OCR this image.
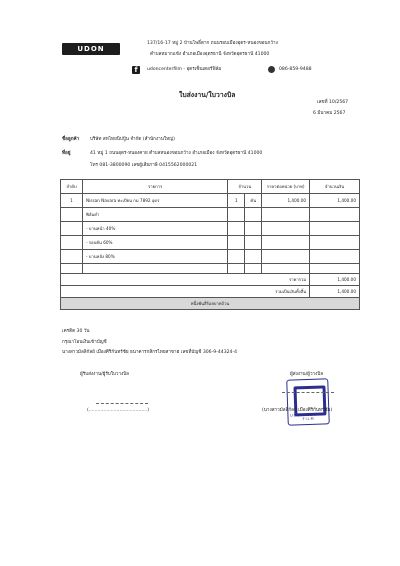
UDON

137/16-17 หมู่ 2 บ้านโพธิ์ตาก ถนนรอบเมืองอุดร-หนองขอนกว้าง
ตำบลหมากแข้ง อำเภอเมืองอุดรธานี จังหวัดอุดรธานี 41000
f	udoncenterfilm - อุดรเซ็นเตอร์ฟิล์ม	086-859-9488
ใบส่งงาน/ใบวางบิล
เลขที่ 10/2567
6 มีนาคม 2567
ชื่อลูกค้า บริษัท สหไทยนิปปู้น จำกัด (สำนักงานใหญ่)
ที่อยู่	41 หมู่ 1 ถนนอุดร-หนองคาย ตำบลหนองขอนกว้าง อำเภอเมือง จังหวัดอุดรธานี 41000
โทร 081-3800090 เลขผู้เสียภาษี 0415562000021
ลำดับ	รายการ	จำนวน		ราคาต่อหน่วย (บาท)	จำนวนเงิน
1	Nissan Navara ทะเบียน กม 7892 อุดร	1	คัน	1,400.00	1,400.00
	ฟิล์มดำ				
	- บานหน้า 40%				
	- รอบคัน 60%				
	- บานหลัง 80%				

ราคารวม					1,400.00
รวมเป็นเงินทั้งสิ้น					1,400.00
หนึ่งพันสี่ร้อยบาทถ้วน					
เครดิต 30 วัน
กรุณาโอนเงินเข้าบัญชี
นางสาวมัลลิกัลย์ เมืองศิริกันทร์ชัย ธนาคารกสิกรไทยสาขาฮ เลขที่บัญชี 306-9-44324-4
ผู้รับส่งงาน/ผู้รับใบวางบิล
(........................................)
ผู้ส่งงาน/ผู้วางบิล
UDON CENTER FILM
(นางสาวมัลลิกัลย์ เมืองศิริกันทร์ชัย)
